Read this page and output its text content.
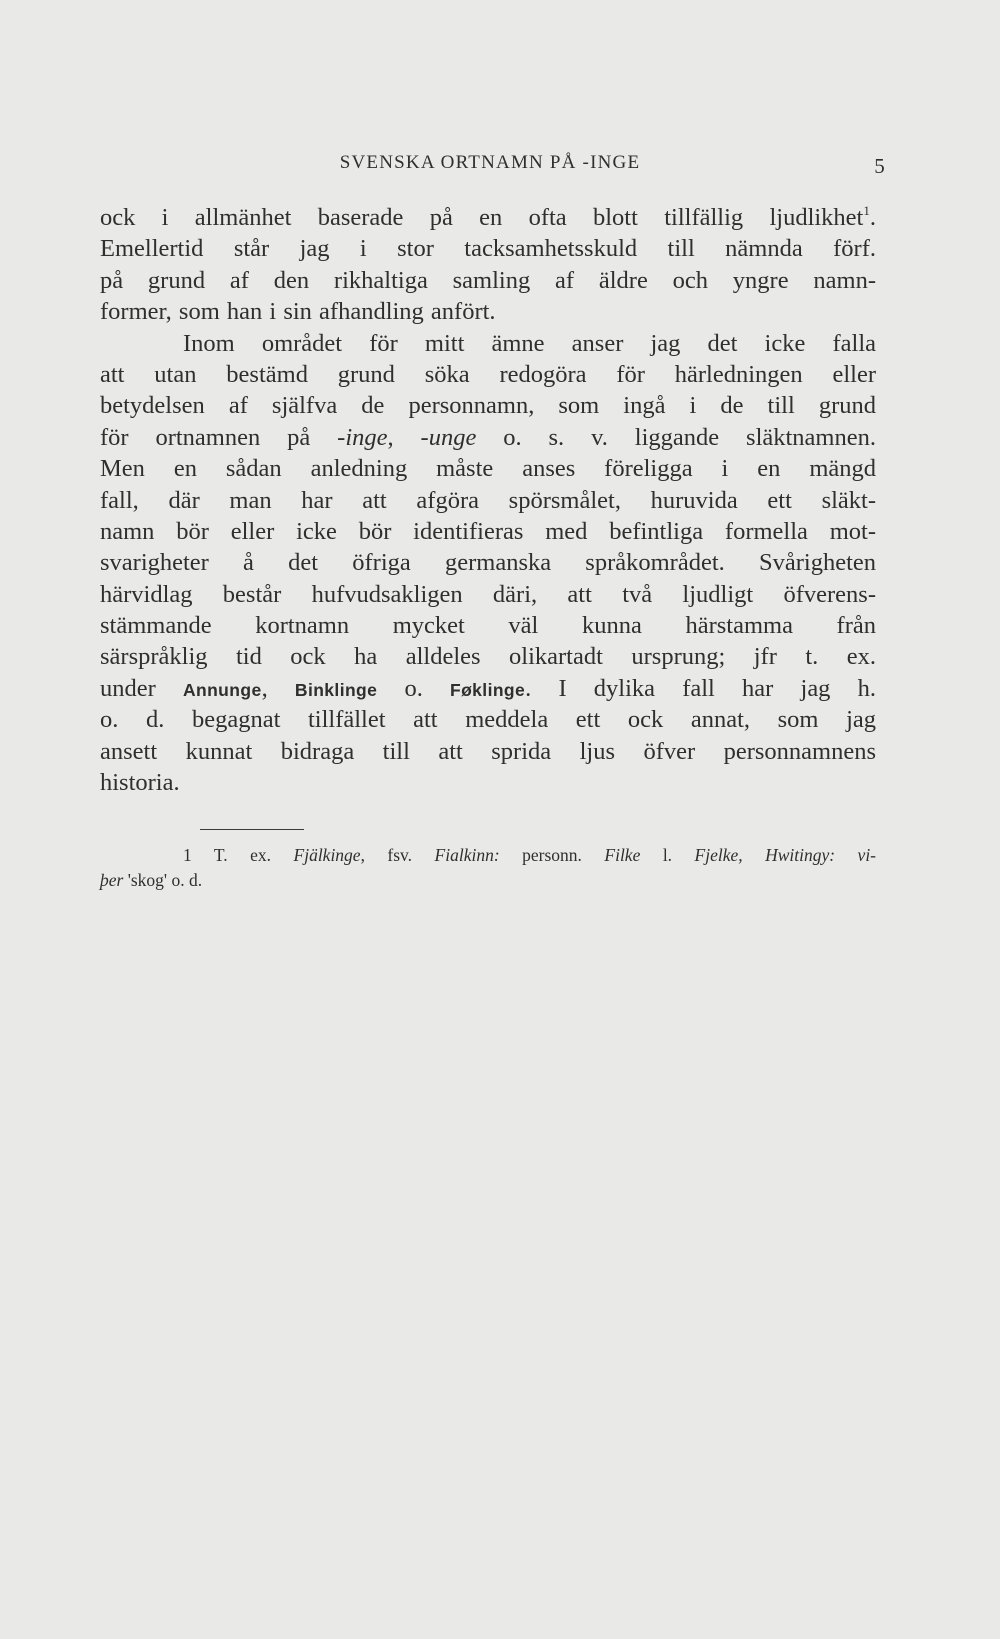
SVENSKA ORTNAMN PÅ -INGE	5
ock i allmänhet baserade på en ofta blott tillfällig ljudlikhet$^1$.
Emellertid står jag i stor tacksamhetsskuld till nämnda förf.
på grund af den rikhaltiga samling af äldre och yngre namn-
former, som han i sin afhandling anfört.
Inom området för mitt ämne anser jag det icke falla
att utan bestämd grund söka redogöra för härledningen eller
betydelsen af själfva de personnamn, som ingå i de till grund
för ortnamnen på -inge, -unge o. s. v. liggande släktnamnen.
Men en sådan anledning måste anses föreligga i en mängd
fall, där man har att afgöra spörsmålet, huruvida ett släkt-
namn bör eller icke bör identifieras med befintliga formella mot-
svarigheter å det öfriga germanska språkområdet. Svårigheten
härvidlag består hufvudsakligen däri, att två ljudligt öfverens-
stämmande kortnamn mycket väl kunna härstamma från
särspråklig tid ock ha alldeles olikartadt ursprung; jfr t. ex.
under Annunge, Binklinge o. Føklinge. I dylika fall har jag h.
o. d. begagnat tillfället att meddela ett ock annat, som jag
ansett kunnat bidraga till att sprida ljus öfver personnamnens
historia.
1 T. ex. Fjälkinge, fsv. Fialkinn: personn. Filke l. Fjelke, Hwitingy: vi-
þer 'skog' o. d.
